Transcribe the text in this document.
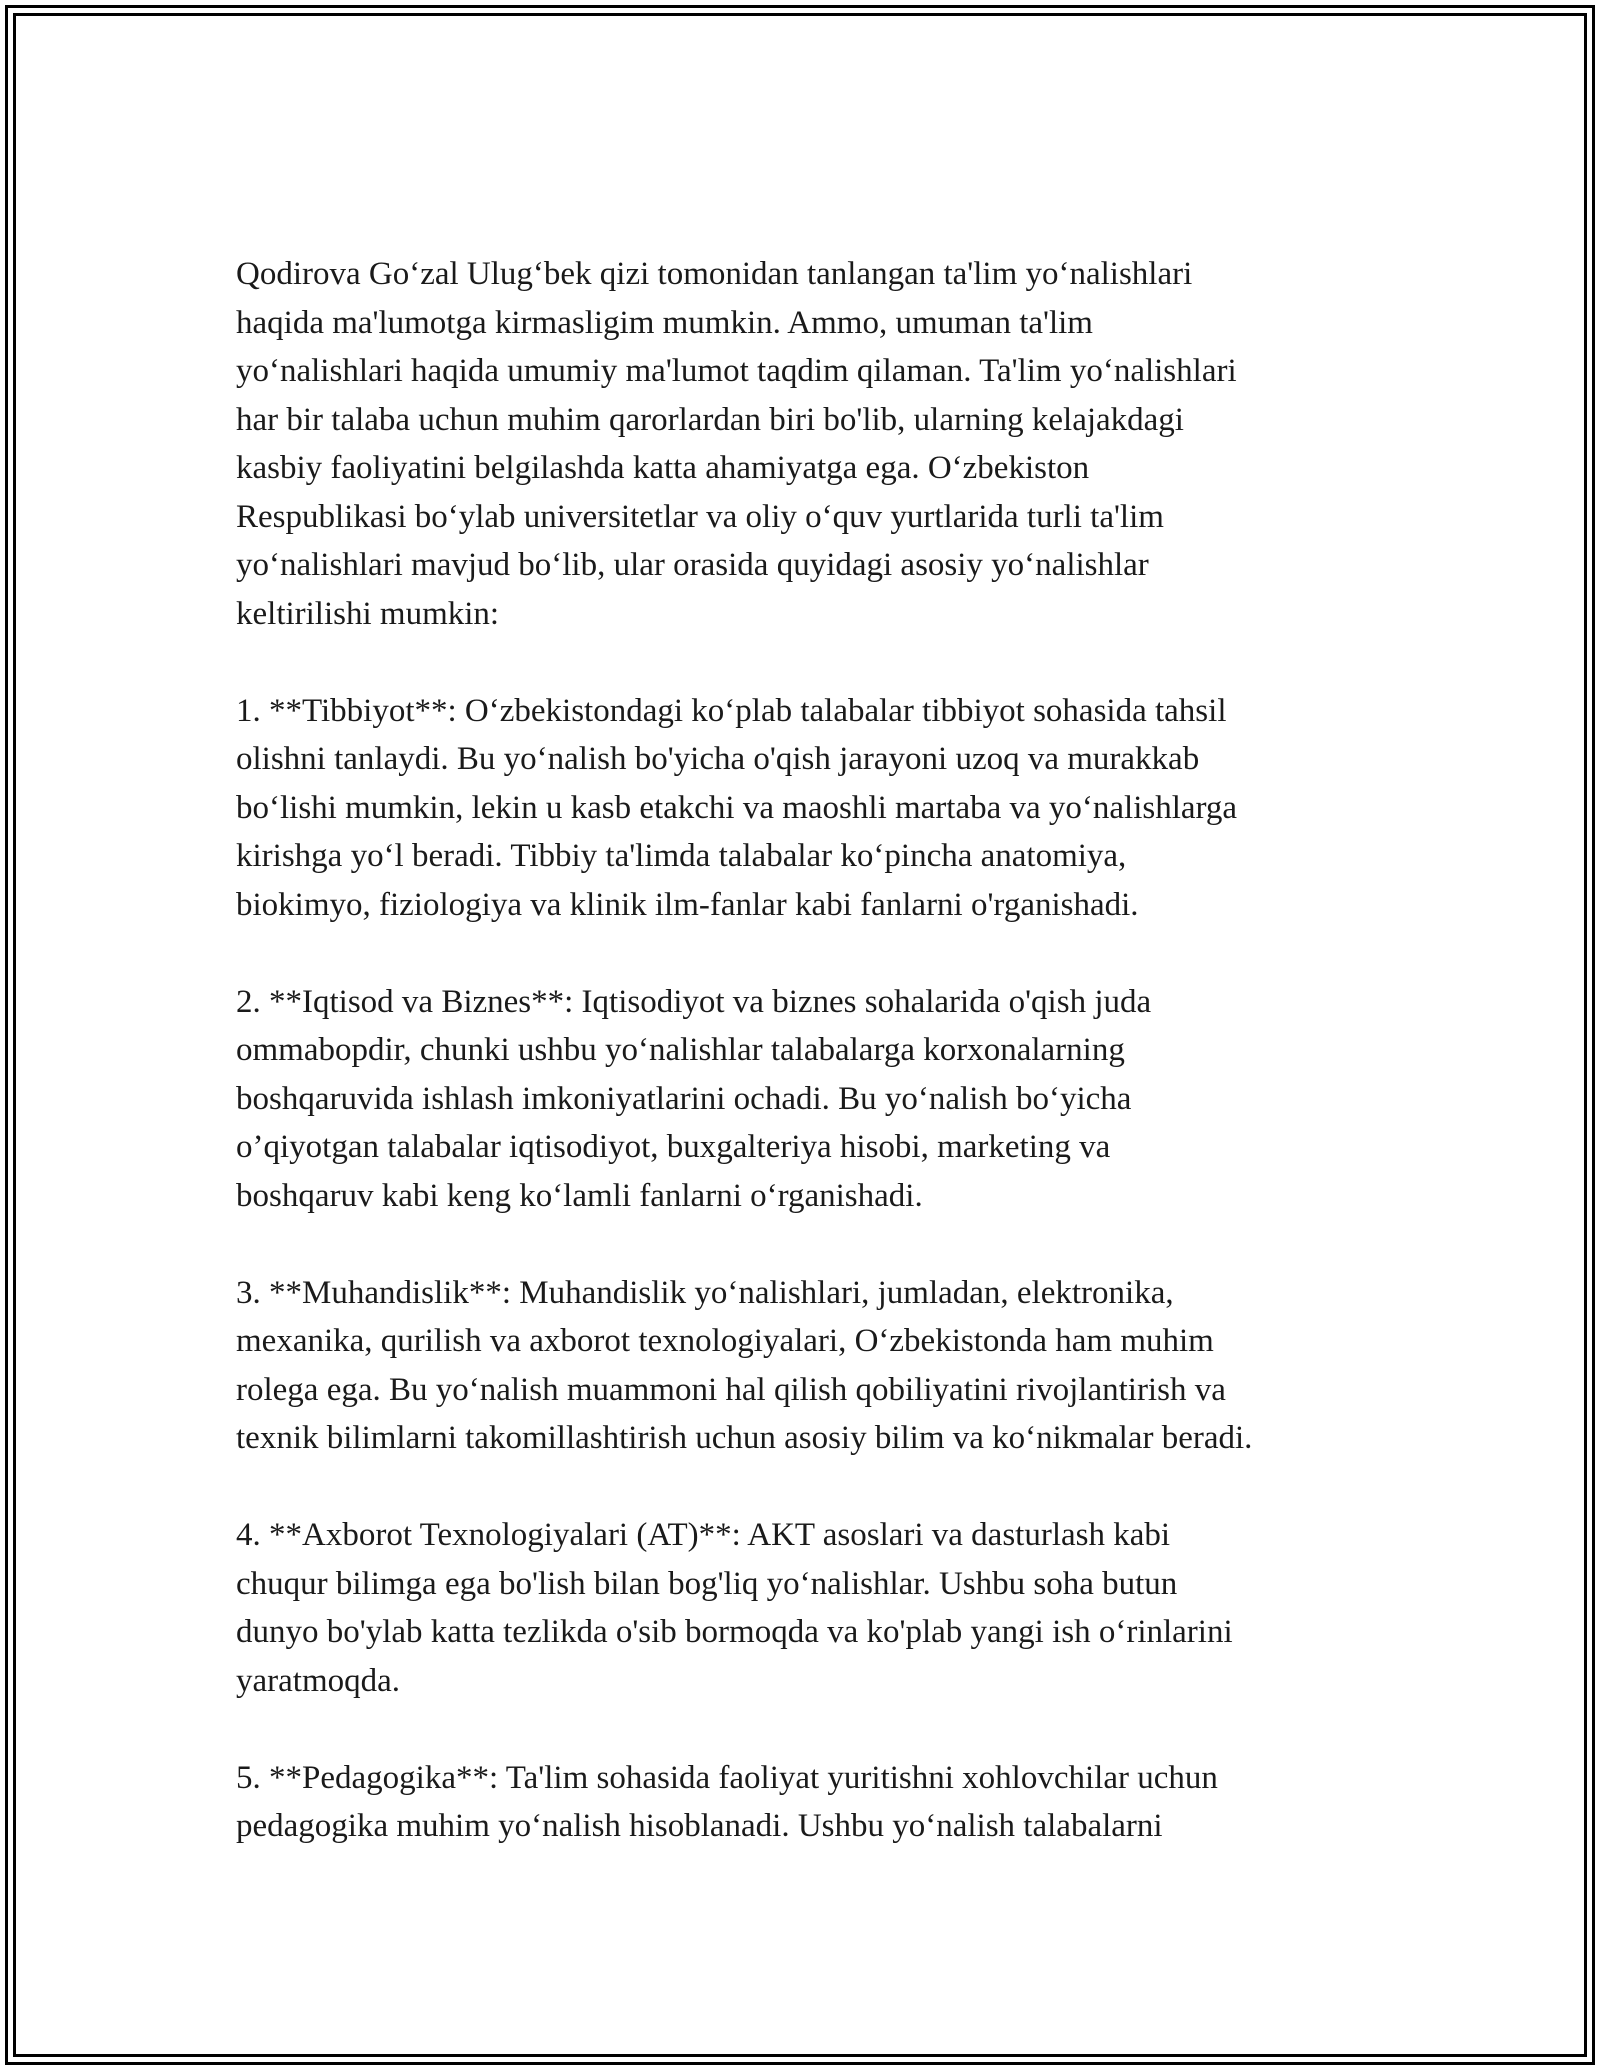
Qodirova Go‘zal Ulug‘bek qizi tomonidan tanlangan ta'lim yo‘nalishlari
haqida ma'lumotga kirmasligim mumkin. Ammo, umuman ta'lim
yo‘nalishlari haqida umumiy ma'lumot taqdim qilaman. Ta'lim yo‘nalishlari
har bir talaba uchun muhim qarorlardan biri bo'lib, ularning kelajakdagi
kasbiy faoliyatini belgilashda katta ahamiyatga ega. O‘zbekiston
Respublikasi bo‘ylab universitetlar va oliy o‘quv yurtlarida turli ta'lim
yo‘nalishlari mavjud bo‘lib, ular orasida quyidagi asosiy yo‘nalishlar
keltirilishi mumkin:

1. **Tibbiyot**: O‘zbekistondagi ko‘plab talabalar tibbiyot sohasida tahsil
olishni tanlaydi. Bu yo‘nalish bo'yicha o'qish jarayoni uzoq va murakkab
bo‘lishi mumkin, lekin u kasb etakchi va maoshli martaba va yo‘nalishlarga
kirishga yo‘l beradi. Tibbiy ta'limda talabalar ko‘pincha anatomiya,
biokimyo, fiziologiya va klinik ilm-fanlar kabi fanlarni o'rganishadi.

2. **Iqtisod va Biznes**: Iqtisodiyot va biznes sohalarida o'qish juda
ommabopdir, chunki ushbu yo‘nalishlar talabalarga korxonalarning
boshqaruvida ishlash imkoniyatlarini ochadi. Bu yo‘nalish bo‘yicha
o’qiyotgan talabalar iqtisodiyot, buxgalteriya hisobi, marketing va
boshqaruv kabi keng ko‘lamli fanlarni o‘rganishadi.

3. **Muhandislik**: Muhandislik yo‘nalishlari, jumladan, elektronika,
mexanika, qurilish va axborot texnologiyalari, O‘zbekistonda ham muhim
rolega ega. Bu yo‘nalish muammoni hal qilish qobiliyatini rivojlantirish va
texnik bilimlarni takomillashtirish uchun asosiy bilim va ko‘nikmalar beradi.

4. **Axborot Texnologiyalari (AT)**: AKT asoslari va dasturlash kabi
chuqur bilimga ega bo'lish bilan bog'liq yo‘nalishlar. Ushbu soha butun
dunyo bo'ylab katta tezlikda o'sib bormoqda va ko'plab yangi ish o‘rinlarini
yaratmoqda.

5. **Pedagogika**: Ta'lim sohasida faoliyat yuritishni xohlovchilar uchun
pedagogika muhim yo‘nalish hisoblanadi. Ushbu yo‘nalish talabalarni
